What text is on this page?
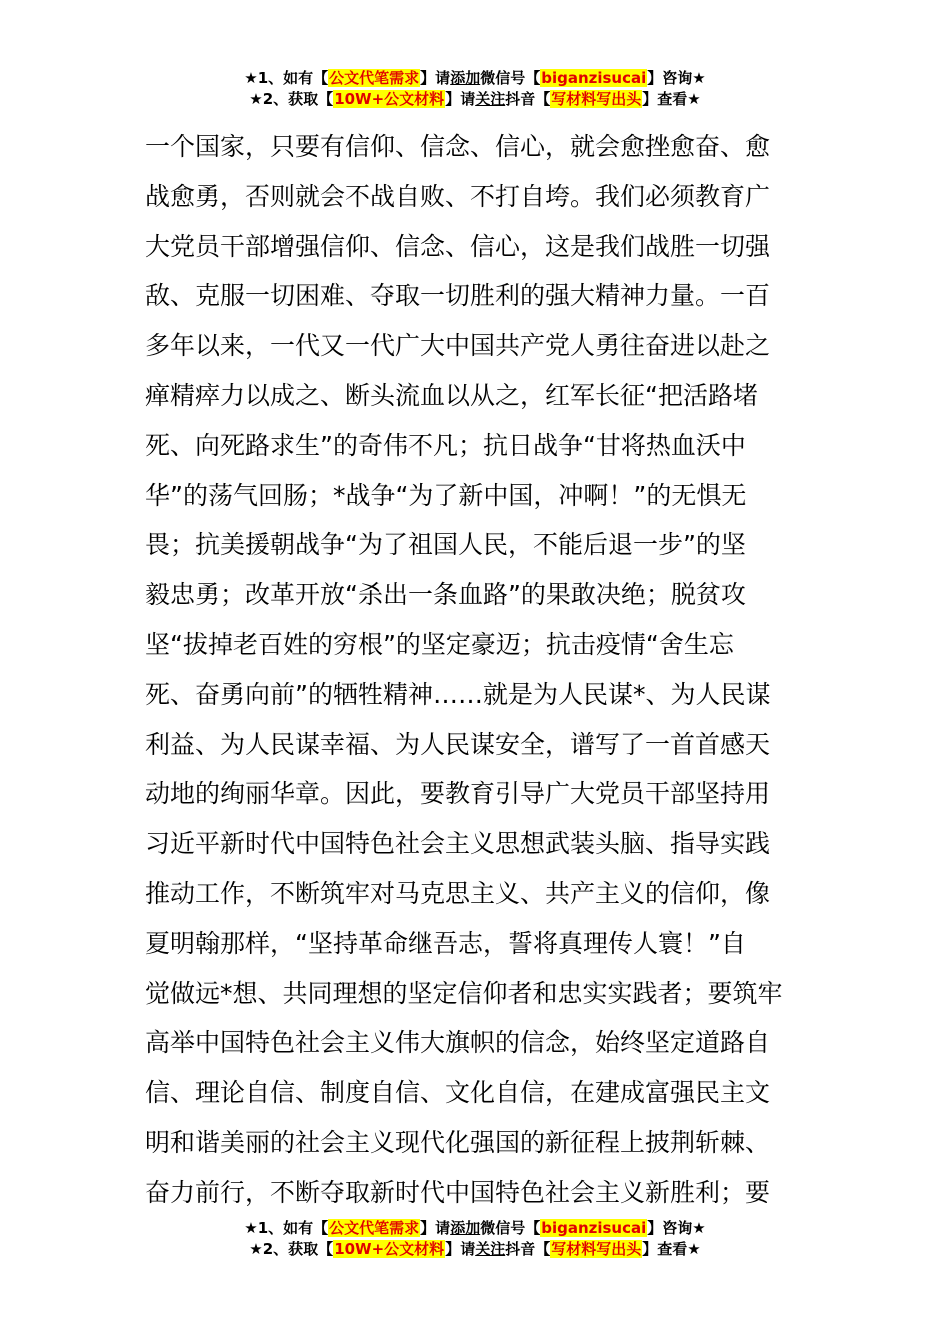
★1、如有【公文代笔需求】请添加微信号【biganzisucai】咨询★
★2、获取【10W+公文材料】请关注抖音【写材料写出头】查看★
一个国家，只要有信仰、信念、信心，就会愈挫愈奋、愈
战愈勇，否则就会不战自败、不打自垮。我们必须教育广
大党员干部增强信仰、信念、信心，这是我们战胜一切强
敌、克服一切困难、夺取一切胜利的强大精神力量。一百
多年以来，一代又一代广大中国共产党人勇往奋进以赴之
瘅精瘁力以成之、断头流血以从之，红军长征“把活路堵
死、向死路求生”的奇伟不凡；抗日战争“甘将热血沃中
华”的荡气回肠；*战争“为了新中国，冲啊！”的无惧无
畏；抗美援朝战争“为了祖国人民，不能后退一步”的坚
毅忠勇；改革开放“杀出一条血路”的果敢决绝；脱贫攻
坚“拔掉老百姓的穷根”的坚定豪迈；抗击疫情“舍生忘
死、奋勇向前”的牺牲精神……就是为人民谋*、为人民谋
利益、为人民谋幸福、为人民谋安全，谱写了一首首感天
动地的绚丽华章。因此，要教育引导广大党员干部坚持用
习近平新时代中国特色社会主义思想武装头脑、指导实践
推动工作，不断筑牢对马克思主义、共产主义的信仰，像
夏明翰那样，“坚持革命继吾志，誓将真理传人寰！”自
觉做远*想、共同理想的坚定信仰者和忠实实践者；要筑牢
高举中国特色社会主义伟大旗帜的信念，始终坚定道路自
信、理论自信、制度自信、文化自信，在建成富强民主文
明和谐美丽的社会主义现代化强国的新征程上披荆斩棘、
奋力前行，不断夺取新时代中国特色社会主义新胜利；要
★1、如有【公文代笔需求】请添加微信号【biganzisucai】咨询★
★2、获取【10W+公文材料】请关注抖音【写材料写出头】查看★
